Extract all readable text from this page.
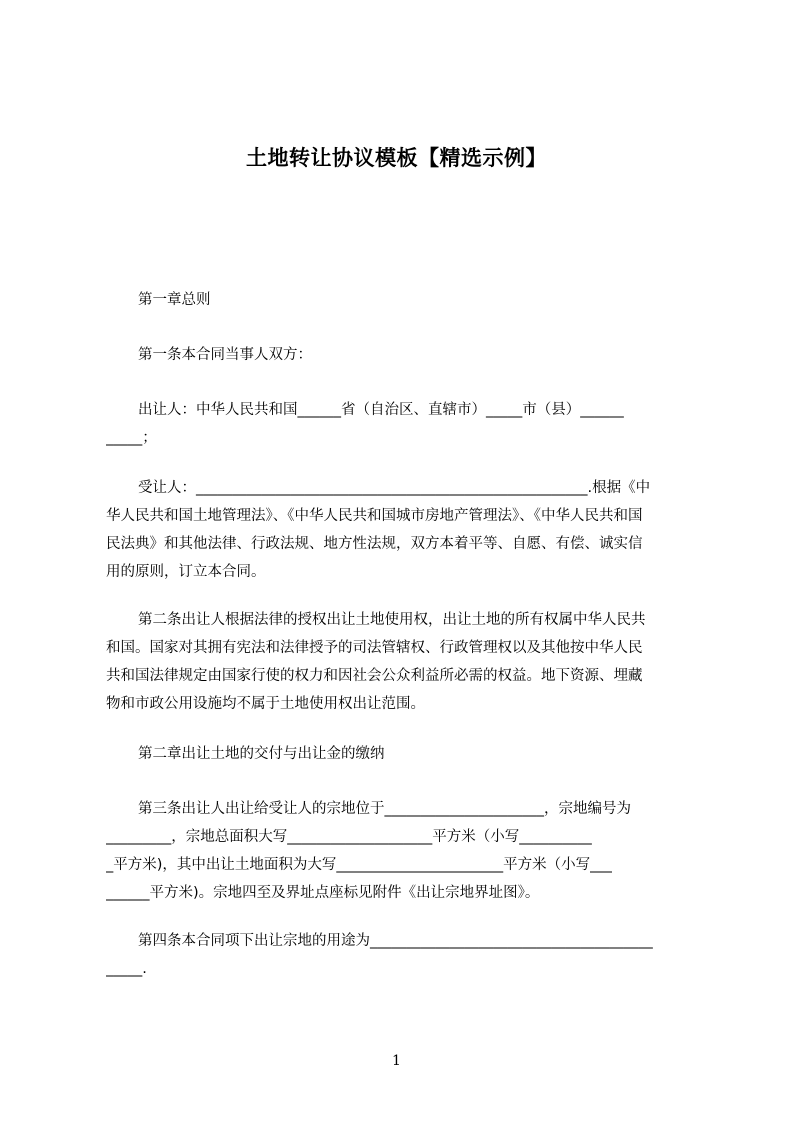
土地转让协议模板【精选示例】
第一章总则
第一条本合同当事人双方：
出让人：中华人民共和国______省（自治区、直辖市）_____市（县）______
_____；
受让人：______________________________________________________.根据《中
华人民共和国土地管理法》、《中华人民共和国城市房地产管理法》、《中华人民共和国
民法典》和其他法律、行政法规、地方性法规，双方本着平等、自愿、有偿、诚实信
用的原则，订立本合同。
第二条出让人根据法律的授权出让土地使用权，出让土地的所有权属中华人民共
和国。国家对其拥有宪法和法律授予的司法管辖权、行政管理权以及其他按中华人民
共和国法律规定由国家行使的权力和因社会公众利益所必需的权益。地下资源、埋藏
物和市政公用设施均不属于土地使用权出让范围。
第二章出让土地的交付与出让金的缴纳
第三条出让人出让给受让人的宗地位于______________________，宗地编号为
_________，宗地总面积大写____________________平方米（小写__________
_平方米)，其中出让土地面积为大写_______________________平方米（小写___
______平方米)。宗地四至及界址点座标见附件《出让宗地界址图》。
第四条本合同项下出让宗地的用途为_______________________________________
_____.
1
